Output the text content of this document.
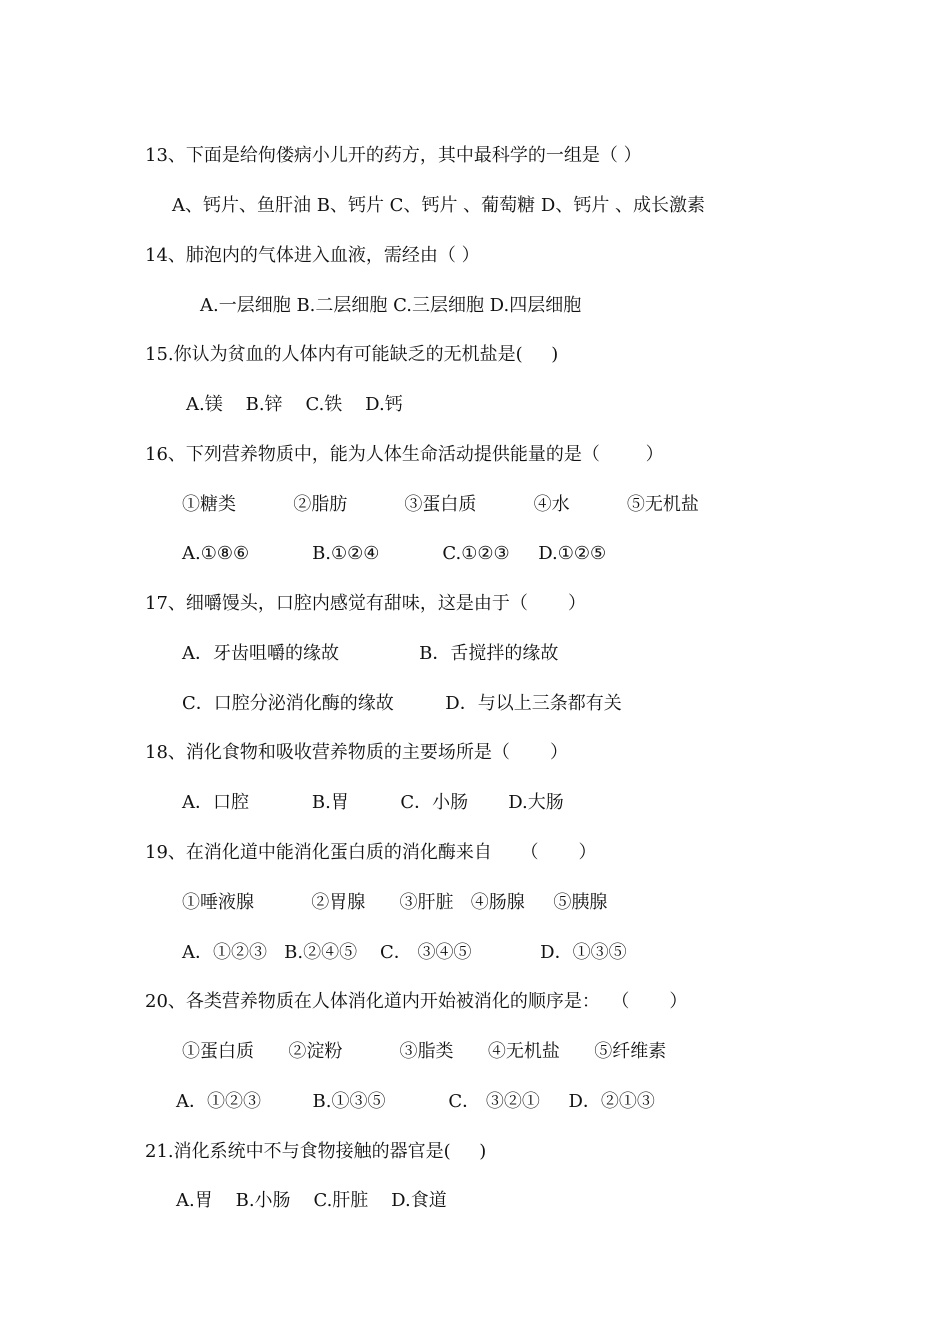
13、下面是给佝偻病小儿开的药方，其中最科学的一组是（ ）
A、钙片、鱼肝油 B、钙片 C、钙片 、葡萄糖 D、钙片 、成长激素
14、肺泡内的气体进入血液，需经由（ ）
A.一层细胞 B.二层细胞 C.三层细胞 D.四层细胞
15.你认为贫血的人体内有可能缺乏的无机盐是(     )
A.镁    B.锌    C.铁    D.钙
16、下列营养物质中，能为人体生命活动提供能量的是（        ）
①糖类          ②脂肪          ③蛋白质          ④水          ⑤无机盐
A.①⑧⑥           B.①②④           C.①②③     D.①②⑤
17、细嚼馒头，口腔内感觉有甜味，这是由于（       ）
A．牙齿咀嚼的缘故              B．舌搅拌的缘故
C．口腔分泌消化酶的缘故         D．与以上三条都有关
18、消化食物和吸收营养物质的主要场所是（       ）
A．口腔           B.胃         C．小肠       D.大肠
19、在消化道中能消化蛋白质的消化酶来自     （       ）
①唾液腺          ②胃腺      ③肝脏   ④肠腺     ⑤胰腺
A．①②③   B.②④⑤    C． ③④⑤            D．①③⑤
20、各类营养物质在人体消化道内开始被消化的顺序是：  （       ）
①蛋白质      ②淀粉          ③脂类      ④无机盐      ⑤纤维素
A．①②③         B.①③⑤           C． ③②①     D．②①③
21.消化系统中不与食物接触的器官是(     )
A.胃    B.小肠    C.肝脏    D.食道
